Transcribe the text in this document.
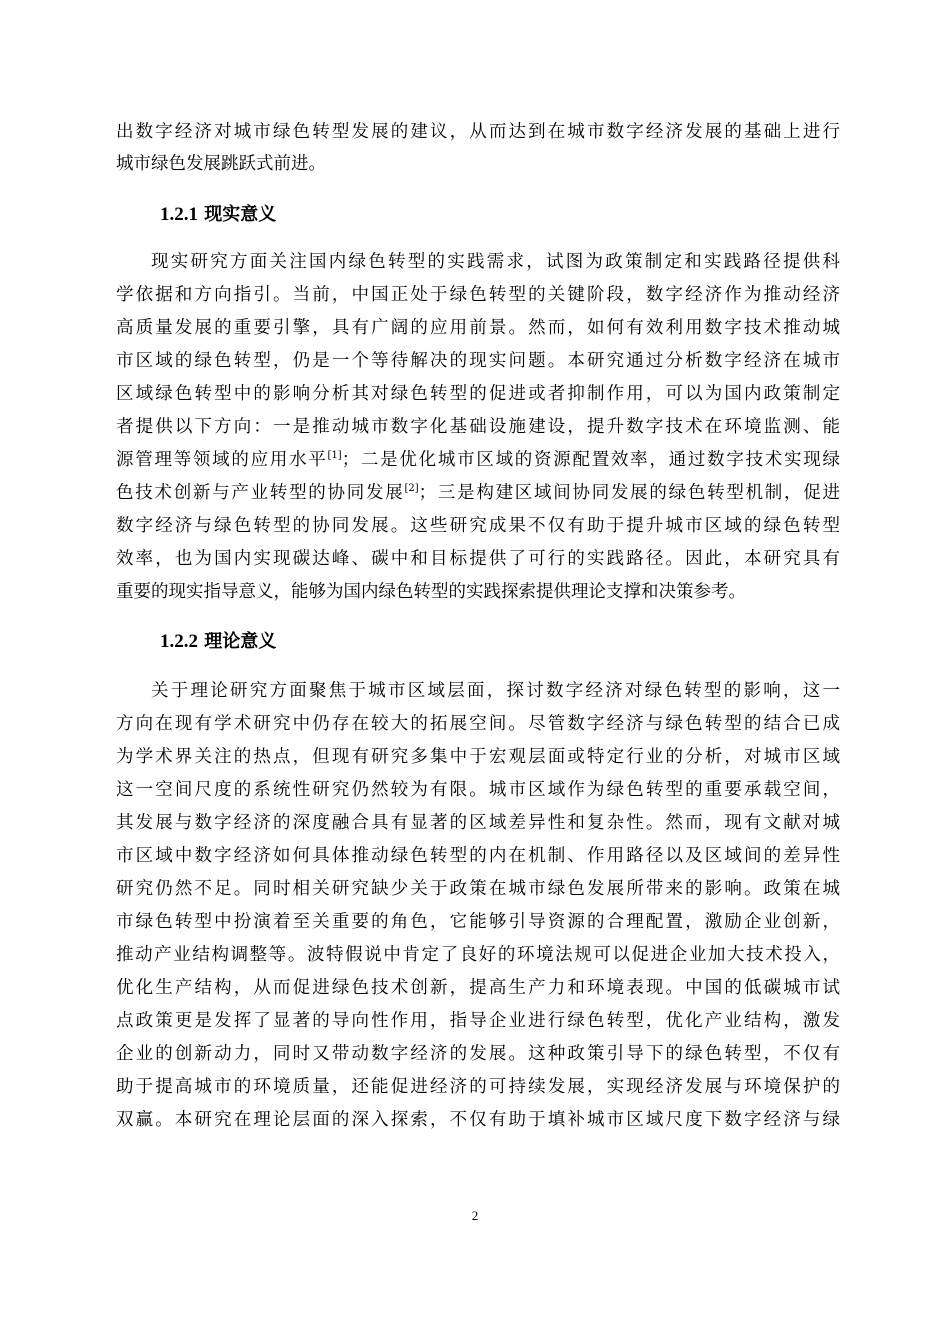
出数字经济对城市绿色转型发展的建议，从而达到在城市数字经济发展的基础上进行
城市绿色发展跳跃式前进。
1.2.1 现实意义
现实研究方面关注国内绿色转型的实践需求，试图为政策制定和实践路径提供科
学依据和方向指引。当前，中国正处于绿色转型的关键阶段，数字经济作为推动经济
高质量发展的重要引擎，具有广阔的应用前景。然而，如何有效利用数字技术推动城
市区域的绿色转型，仍是一个等待解决的现实问题。本研究通过分析数字经济在城市
区域绿色转型中的影响分析其对绿色转型的促进或者抑制作用，可以为国内政策制定
者提供以下方向：一是推动城市数字化基础设施建设，提升数字技术在环境监测、能
源管理等领域的应用水平[1]；二是优化城市区域的资源配置效率，通过数字技术实现绿
色技术创新与产业转型的协同发展[2]；三是构建区域间协同发展的绿色转型机制，促进
数字经济与绿色转型的协同发展。这些研究成果不仅有助于提升城市区域的绿色转型
效率，也为国内实现碳达峰、碳中和目标提供了可行的实践路径。因此，本研究具有
重要的现实指导意义，能够为国内绿色转型的实践探索提供理论支撑和决策参考。
1.2.2 理论意义
关于理论研究方面聚焦于城市区域层面，探讨数字经济对绿色转型的影响，这一
方向在现有学术研究中仍存在较大的拓展空间。尽管数字经济与绿色转型的结合已成
为学术界关注的热点，但现有研究多集中于宏观层面或特定行业的分析，对城市区域
这一空间尺度的系统性研究仍然较为有限。城市区域作为绿色转型的重要承载空间，
其发展与数字经济的深度融合具有显著的区域差异性和复杂性。然而，现有文献对城
市区域中数字经济如何具体推动绿色转型的内在机制、作用路径以及区域间的差异性
研究仍然不足。同时相关研究缺少关于政策在城市绿色发展所带来的影响。政策在城
市绿色转型中扮演着至关重要的角色，它能够引导资源的合理配置，激励企业创新，
推动产业结构调整等。波特假说中肯定了良好的环境法规可以促进企业加大技术投入，
优化生产结构，从而促进绿色技术创新，提高生产力和环境表现。中国的低碳城市试
点政策更是发挥了显著的导向性作用，指导企业进行绿色转型，优化产业结构，激发
企业的创新动力，同时又带动数字经济的发展。这种政策引导下的绿色转型，不仅有
助于提高城市的环境质量，还能促进经济的可持续发展，实现经济发展与环境保护的
双赢。本研究在理论层面的深入探索，不仅有助于填补城市区域尺度下数字经济与绿
2
